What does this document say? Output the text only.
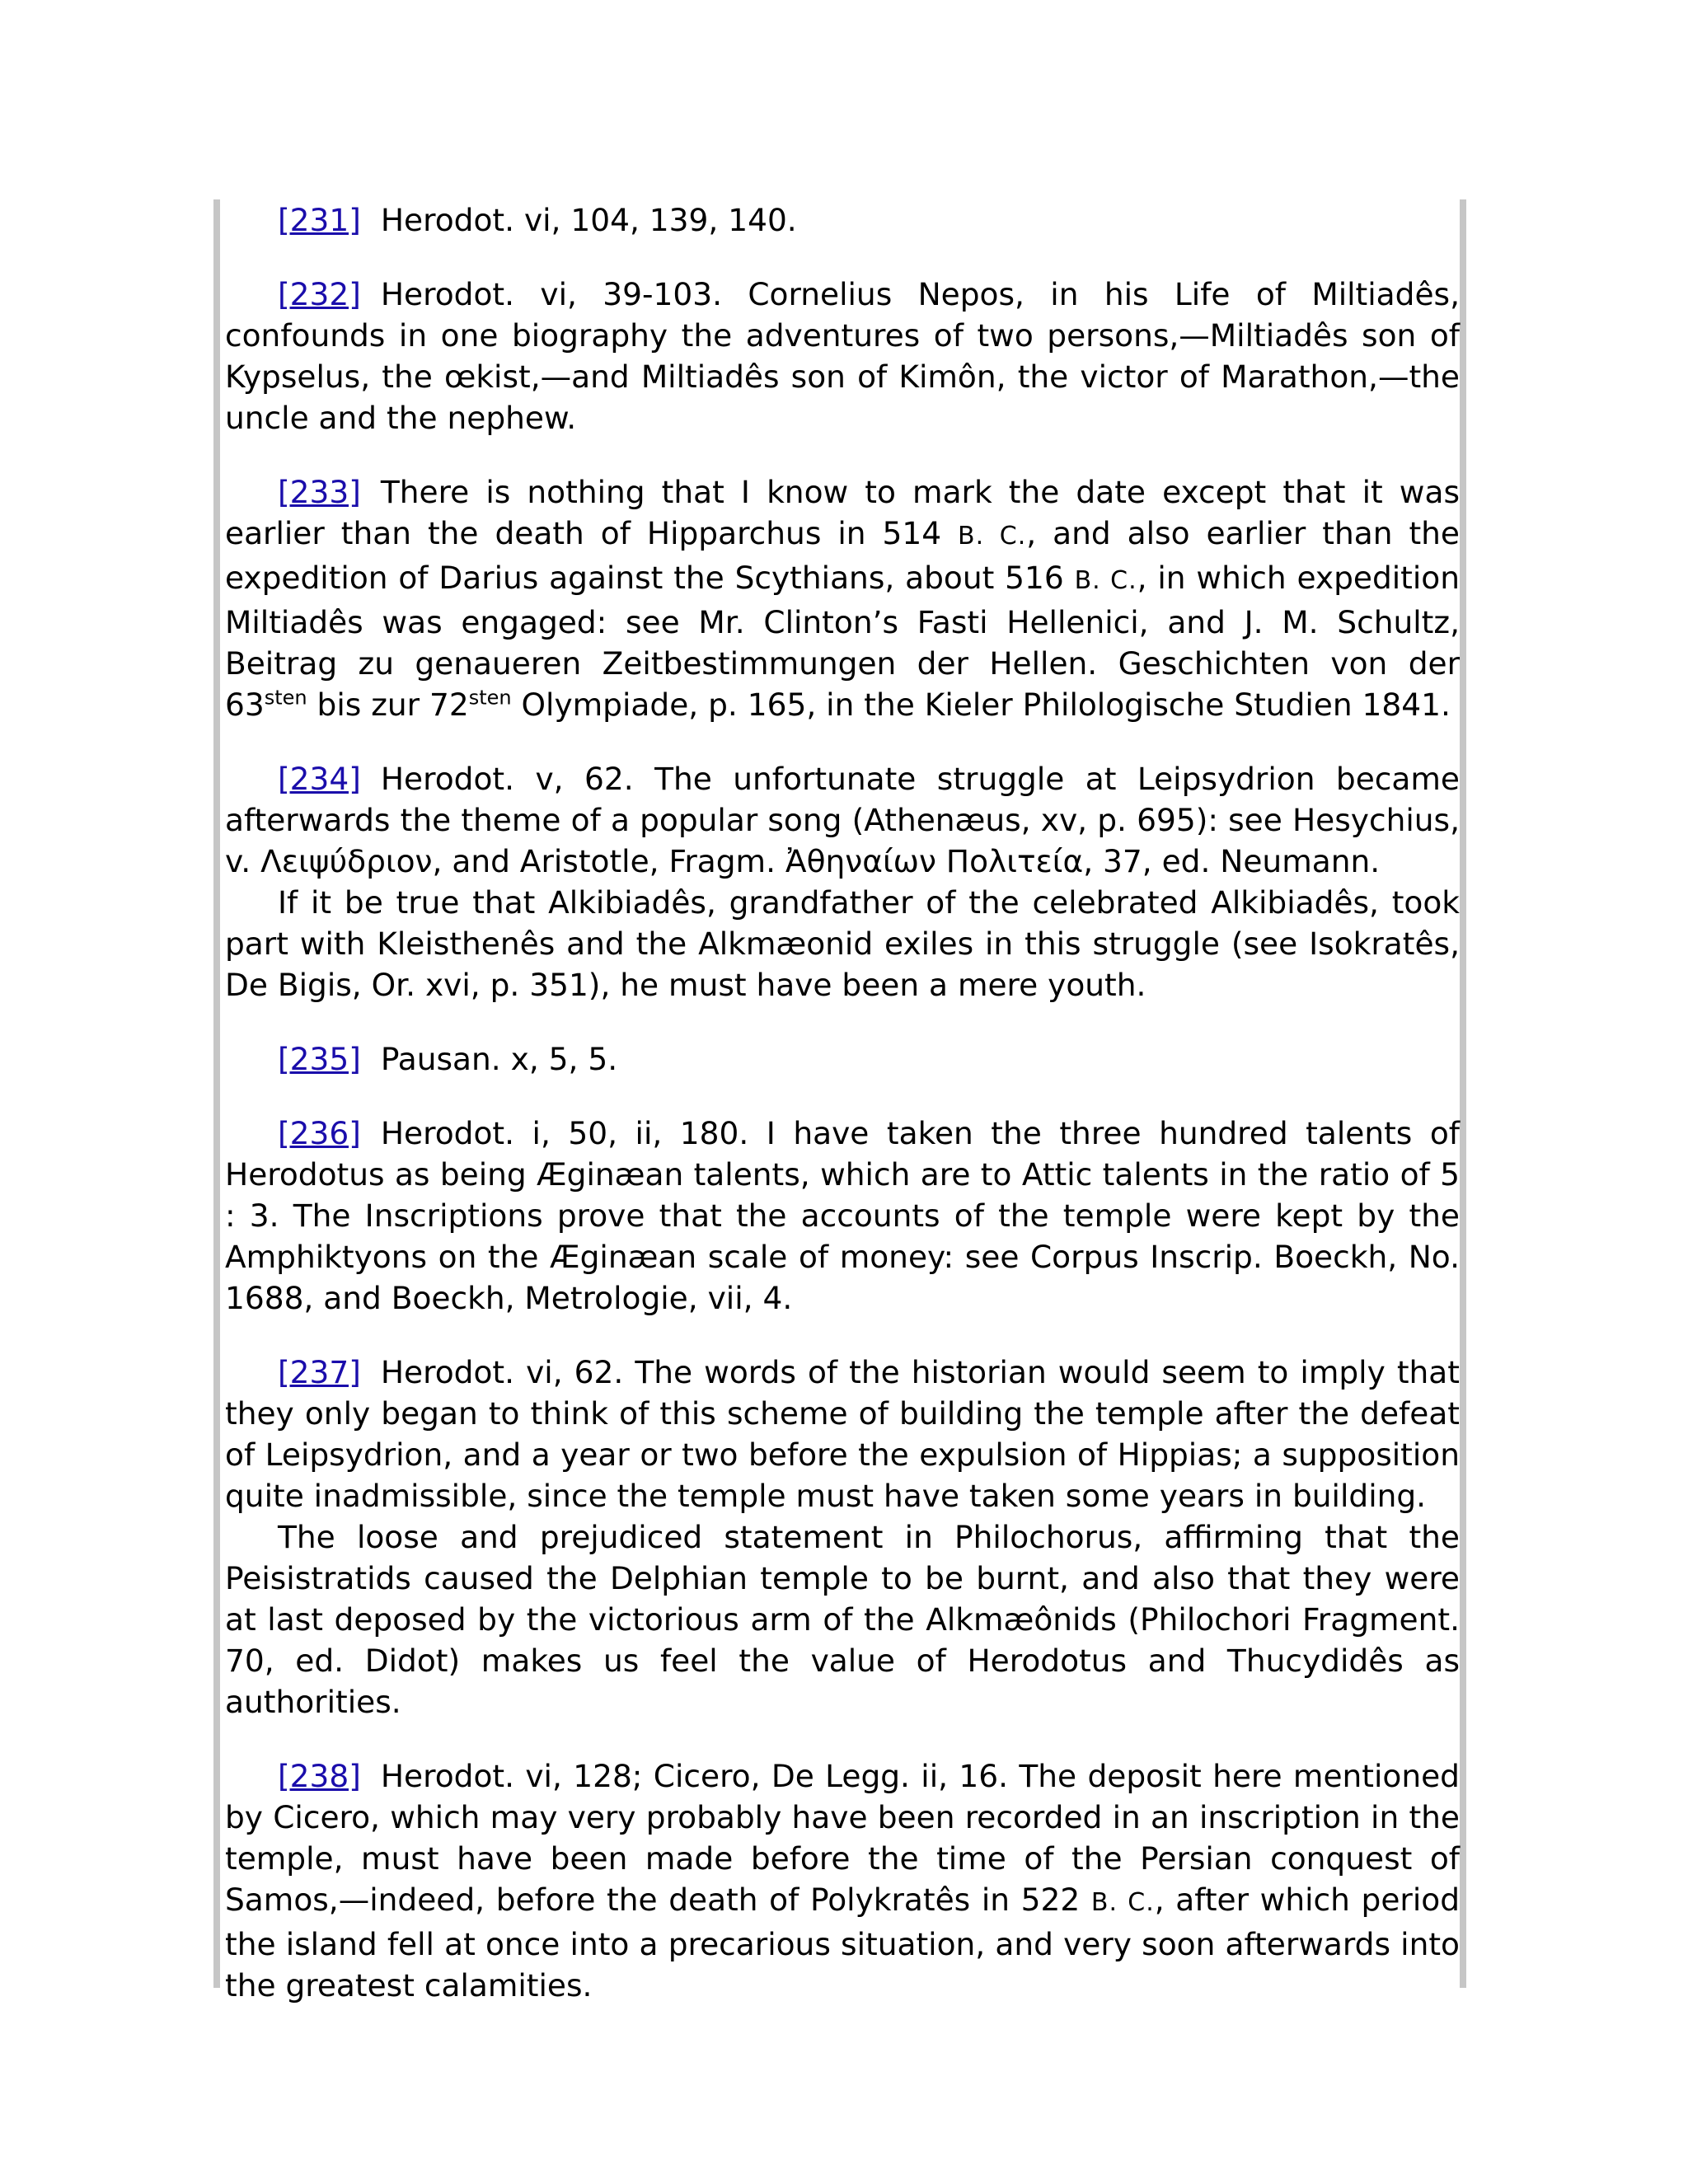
[231] Herodot. vi, 104, 139, 140.

[232] Herodot. vi, 39-103. Cornelius Nepos, in his Life of Miltiadês, confounds in one biography the adventures of two persons,—Miltiadês son of Kypselus, the œkist,—and Miltiadês son of Kimôn, the victor of Marathon,—the uncle and the nephew.

[233] There is nothing that I know to mark the date except that it was earlier than the death of Hipparchus in 514 B. C., and also earlier than the expedition of Darius against the Scythians, about 516 B. C., in which expedition Miltiadês was engaged: see Mr. Clinton’s Fasti Hellenici, and J. M. Schultz, Beitrag zu genaueren Zeitbestimmungen der Hellen. Geschichten von der $63^{sten}$ bis zur $72^{sten}$ Olympiade, p. 165, in the Kieler Philologische Studien 1841.

[234] Herodot. v, 62. The unfortunate struggle at Leipsydrion became afterwards the theme of a popular song (Athenæus, xv, p. 695): see Hesychius, v. Λειψύδριον, and Aristotle, Fragm. Ἀθηναίων Πολιτεία, 37, ed. Neumann.

If it be true that Alkibiadês, grandfather of the celebrated Alkibiadês, took part with Kleisthenês and the Alkmæonid exiles in this struggle (see Isokratês, De Bigis, Or. xvi, p. 351), he must have been a mere youth.

[235] Pausan. x, 5, 5.

[236] Herodot. i, 50, ii, 180. I have taken the three hundred talents of Herodotus as being Æginæan talents, which are to Attic talents in the ratio of 5 : 3. The Inscriptions prove that the accounts of the temple were kept by the Amphiktyons on the Æginæan scale of money: see Corpus Inscrip. Boeckh, No. 1688, and Boeckh, Metrologie, vii, 4.

[237] Herodot. vi, 62. The words of the historian would seem to imply that they only began to think of this scheme of building the temple after the defeat of Leipsydrion, and a year or two before the expulsion of Hippias; a supposition quite inadmissible, since the temple must have taken some years in building.

The loose and prejudiced statement in Philochorus, affirming that the Peisistratids caused the Delphian temple to be burnt, and also that they were at last deposed by the victorious arm of the Alkmæônids (Philochori Fragment. 70, ed. Didot) makes us feel the value of Herodotus and Thucydidês as authorities.

[238] Herodot. vi, 128; Cicero, De Legg. ii, 16. The deposit here mentioned by Cicero, which may very probably have been recorded in an inscription in the temple, must have been made before the time of the Persian conquest of Samos,—indeed, before the death of Polykratês in 522 B. C., after which period the island fell at once into a precarious situation, and very soon afterwards into the greatest calamities.
